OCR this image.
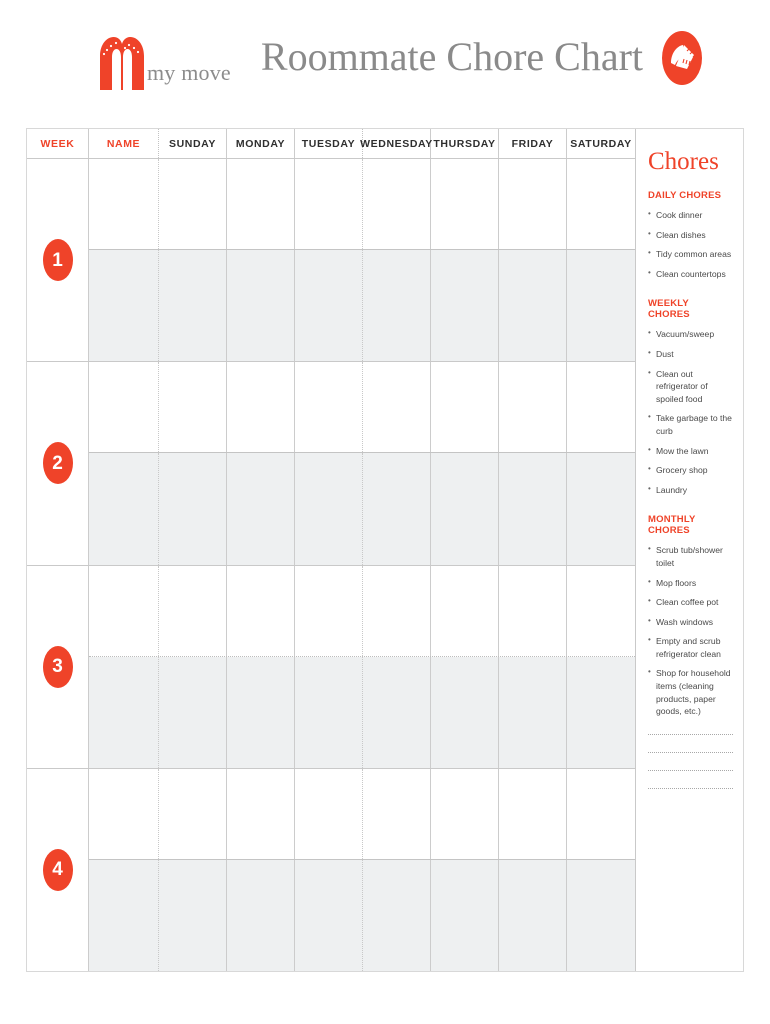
my move Roommate Chore Chart
WEEK	NAME	SUNDAY	MONDAY	TUESDAY WEDNESDAY THURSDAY	FRIDAY	SATURDAY
1
2
3
4
Chores
DAILY CHORES
• Cook dinner
• Clean dishes
• Tidy common areas
• Clean countertops
WEEKLY CHORES
• Vacuum/sweep
• Dust
• Clean out refrigerator of spoiled food
• Take garbage to the curb
• Mow the lawn
• Grocery shop
• Laundry
MONTHLY CHORES
• Scrub tub/shower toilet
• Mop floors
• Clean coffee pot
• Wash windows
• Empty and scrub refrigerator clean
• Shop for household items (cleaning products, paper goods, etc.)
